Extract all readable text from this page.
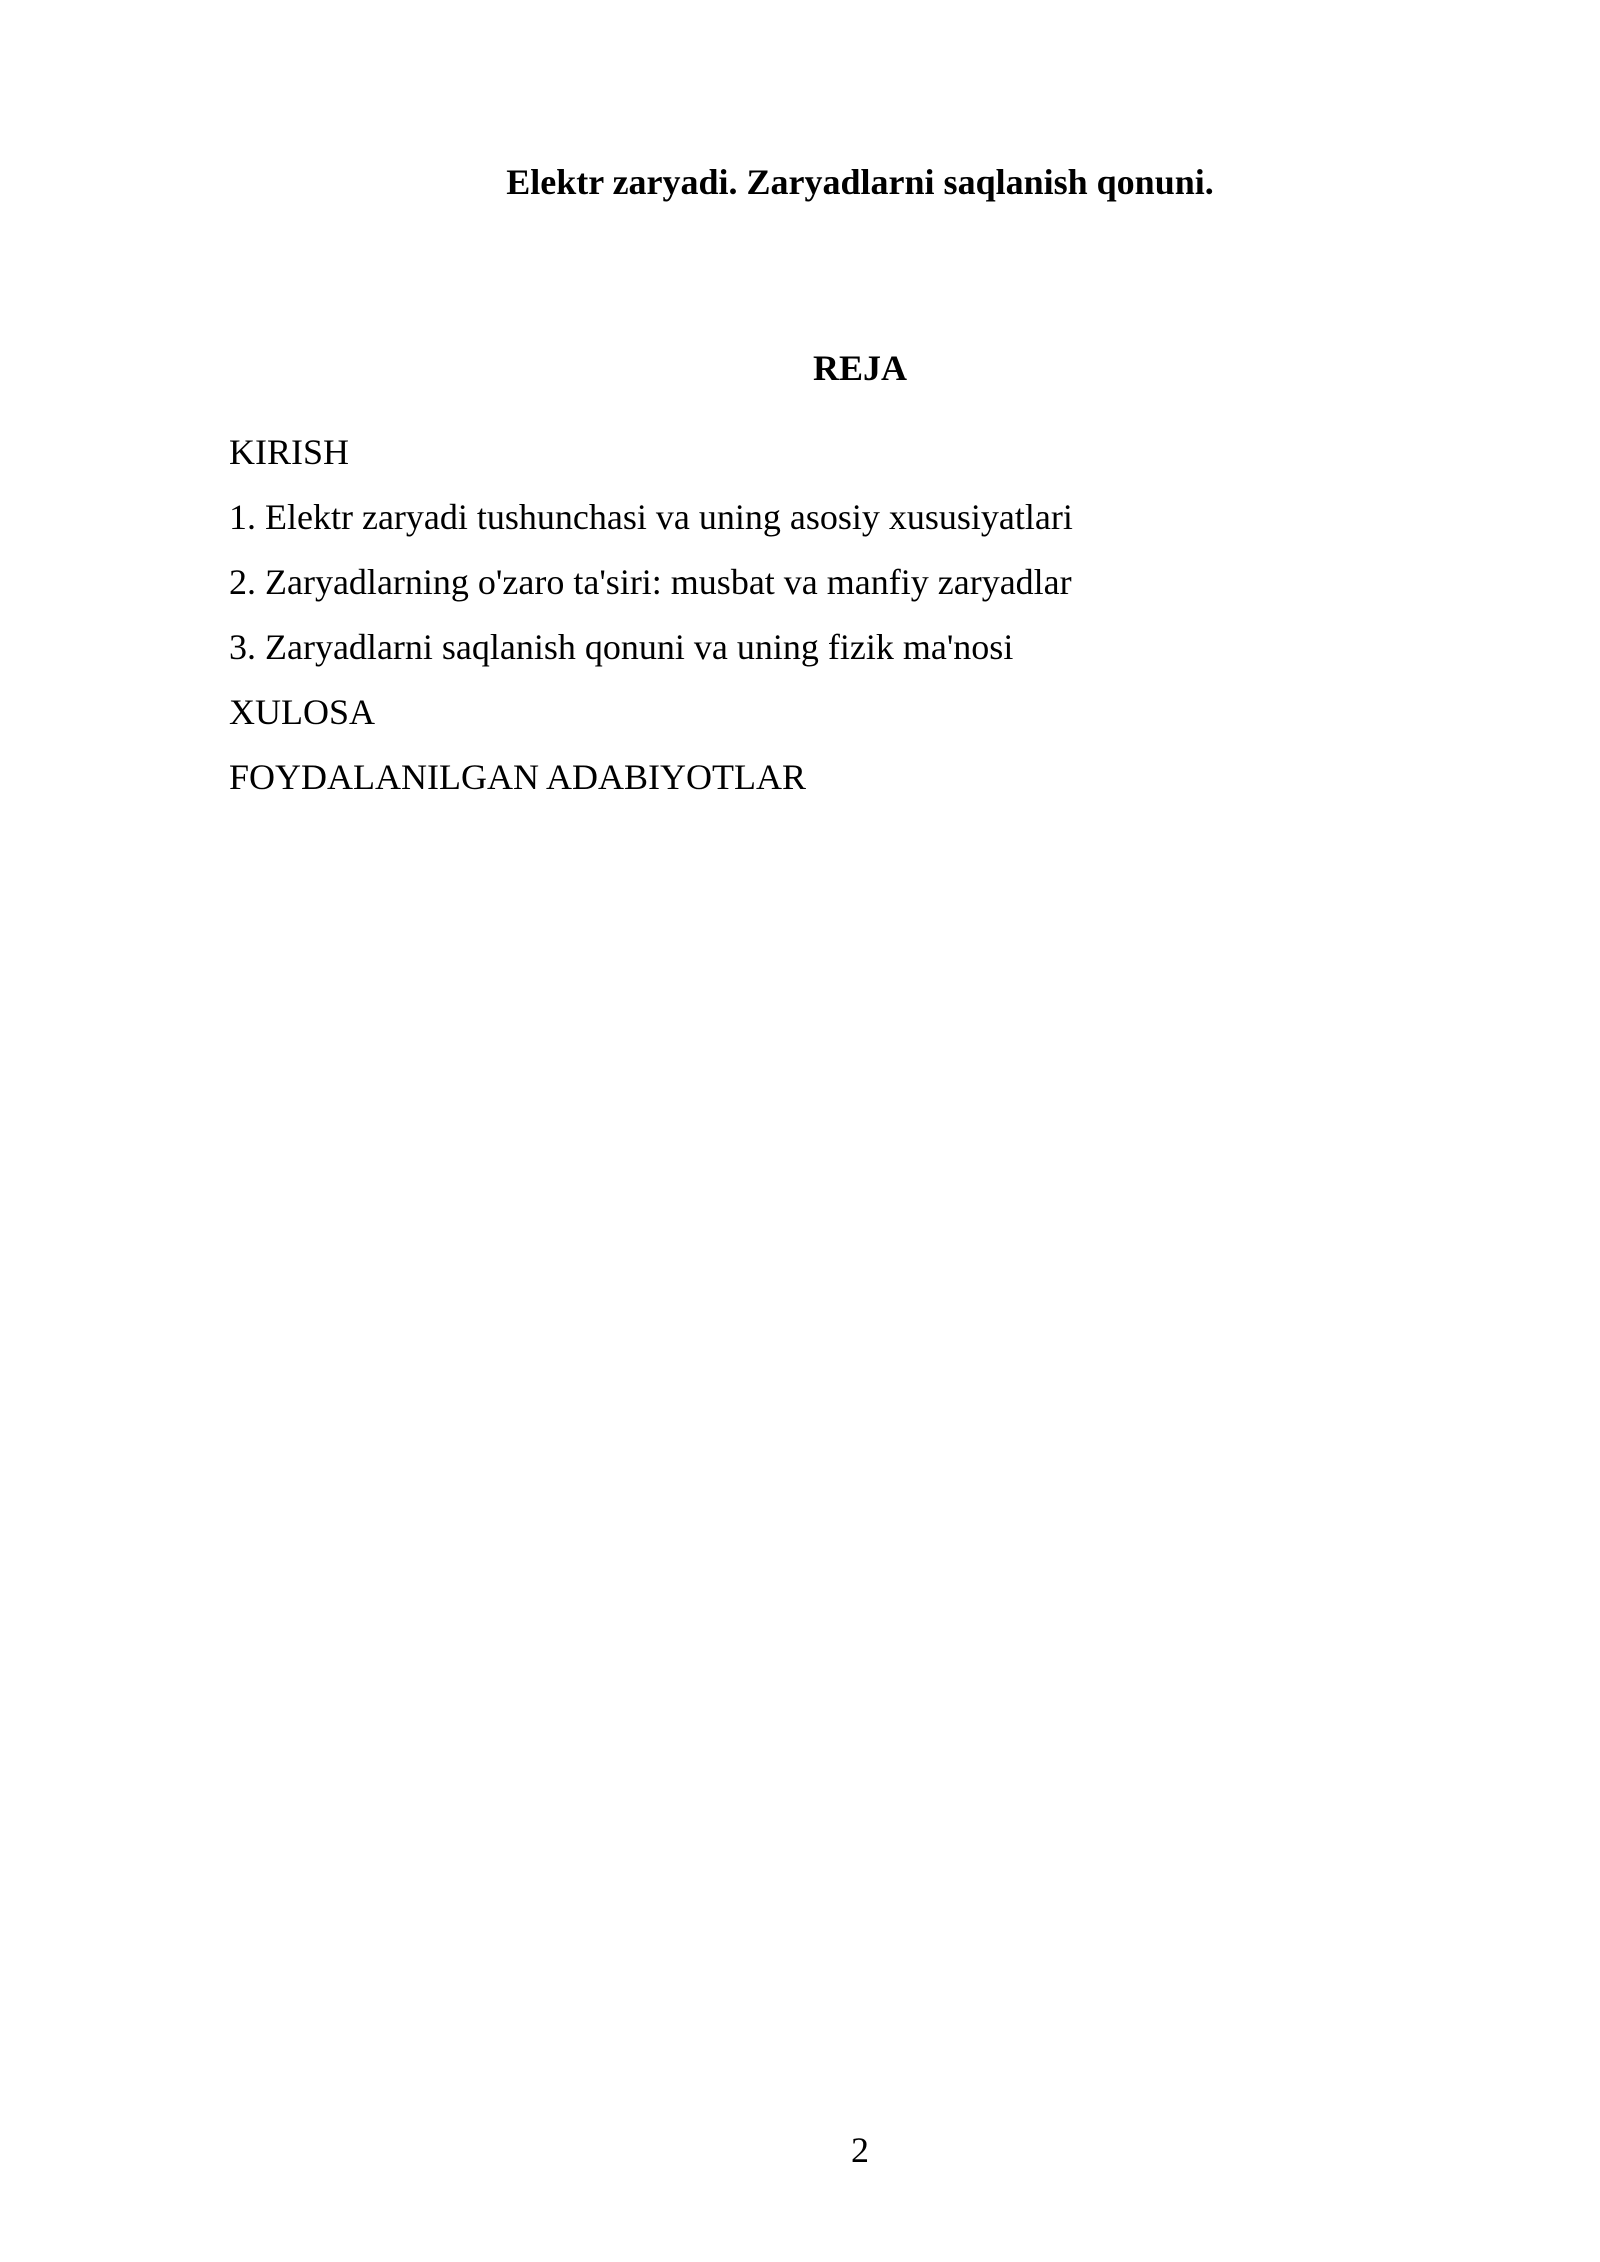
Elektr zaryadi. Zaryadlarni saqlanish qonuni.
REJA
KIRISH
1. Elektr zaryadi tushunchasi va uning asosiy xususiyatlari
2. Zaryadlarning o'zaro ta'siri: musbat va manfiy zaryadlar
3. Zaryadlarni saqlanish qonuni va uning fizik ma'nosi
XULOSA
FOYDALANILGAN ADABIYOTLAR
2
